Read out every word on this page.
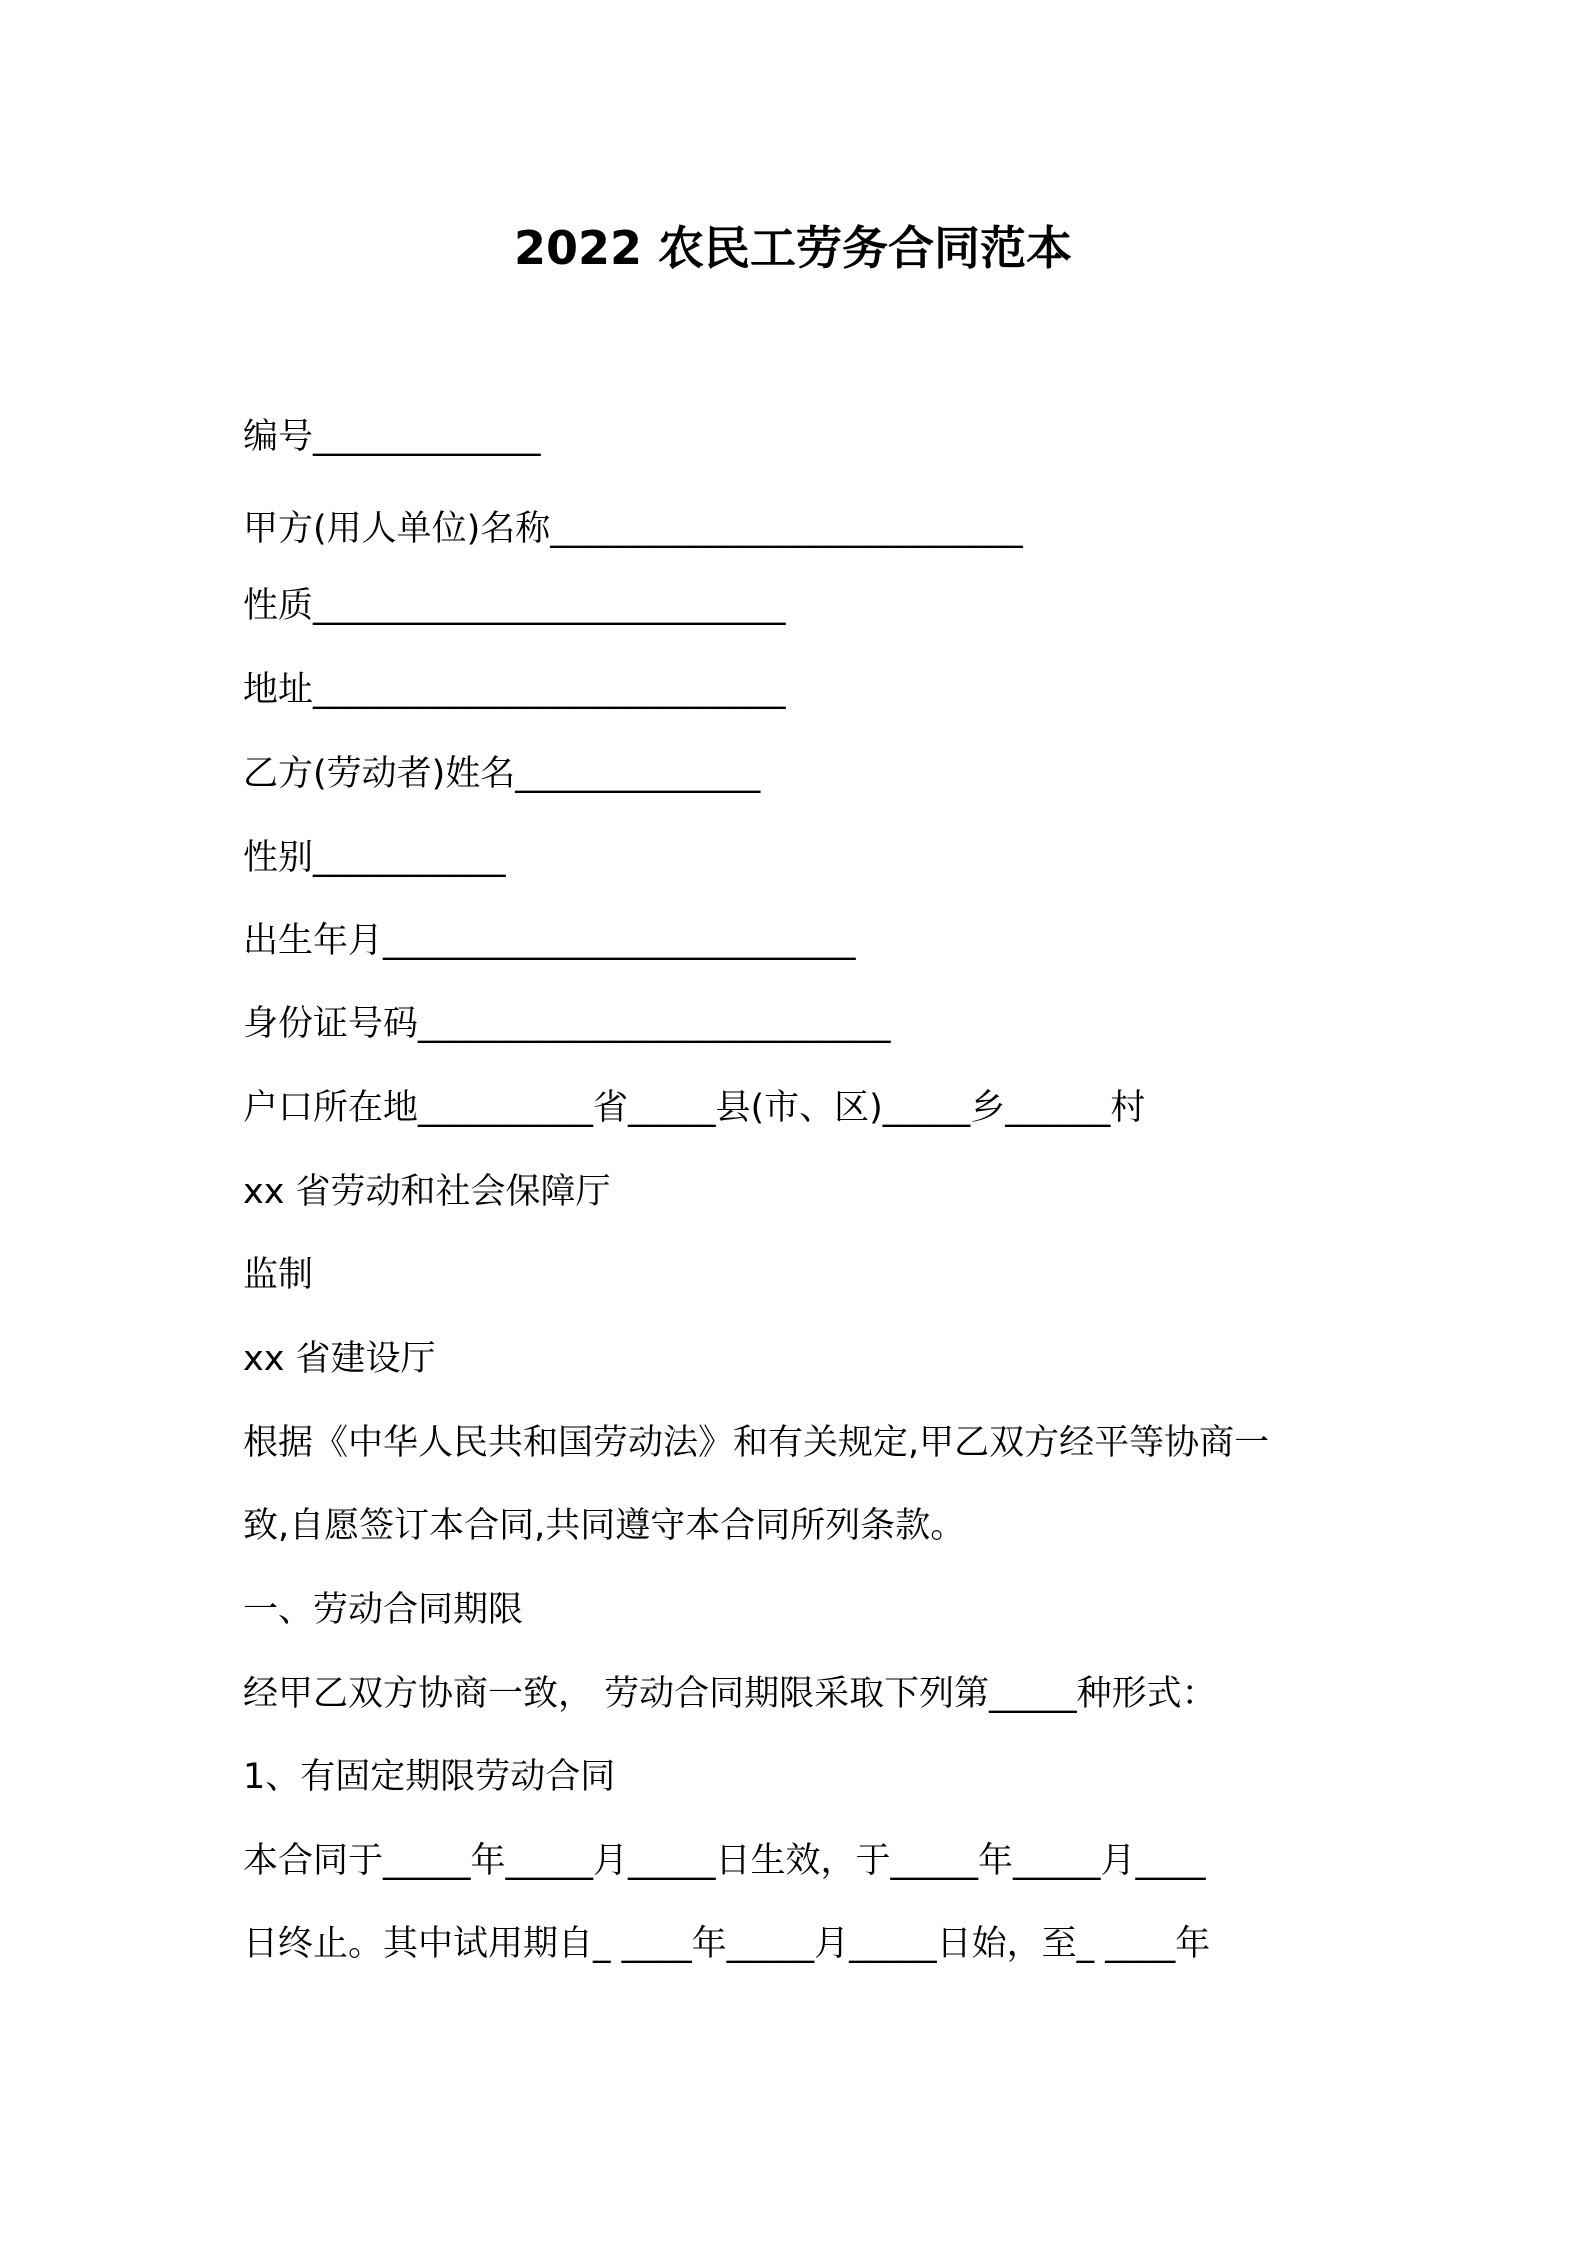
2022 农民工劳务合同范本
编号_____________
甲方(用人单位)名称___________________________
性质___________________________
地址___________________________
乙方(劳动者)姓名______________
性别___________
出生年月___________________________
身份证号码___________________________
户口所在地__________省_____县(市、区)_____乡______村
xx 省劳动和社会保障厅
监制
xx 省建设厅
根据《中华人民共和国劳动法》和有关规定,甲乙双方经平等协商一
致,自愿签订本合同,共同遵守本合同所列条款。
一、劳动合同期限
经甲乙双方协商一致， 劳动合同期限采取下列第_____种形式：
1、有固定期限劳动合同
本合同于_____年_____月_____日生效，于_____年_____月____
日终止。其中试用期自_ ____年_____月_____日始，至_ ____年
